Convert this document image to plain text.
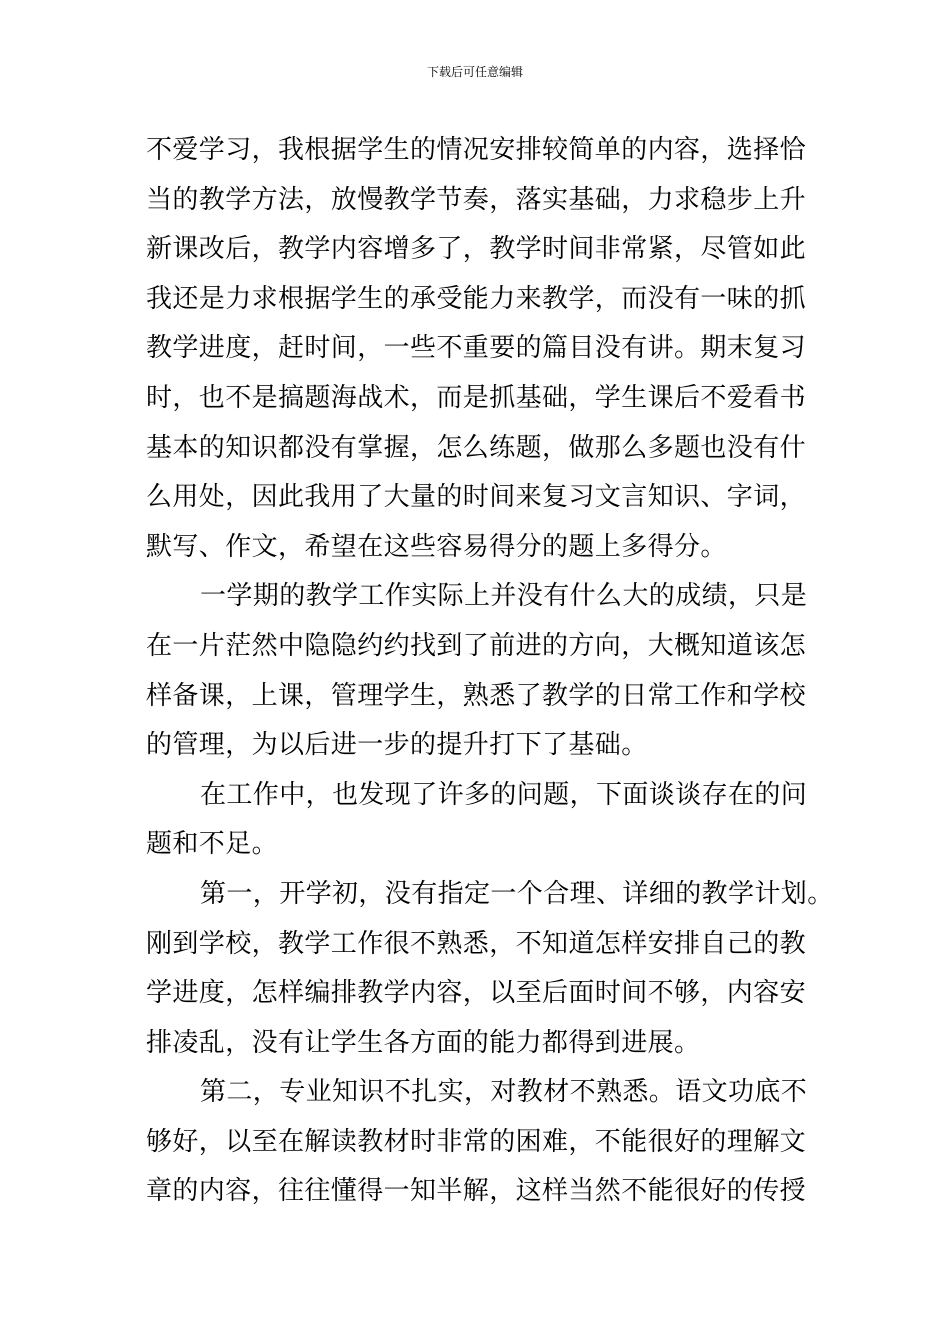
下载后可任意编辑
不爱学习，我根据学生的情况安排较简单的内容，选择恰
当的教学方法，放慢教学节奏，落实基础，力求稳步上升
新课改后，教学内容增多了，教学时间非常紧，尽管如此
我还是力求根据学生的承受能力来教学，而没有一味的抓
教学进度，赶时间，一些不重要的篇目没有讲。期末复习
时，也不是搞题海战术，而是抓基础，学生课后不爱看书
基本的知识都没有掌握，怎么练题，做那么多题也没有什
么用处，因此我用了大量的时间来复习文言知识、字词，
默写、作文，希望在这些容易得分的题上多得分。
一学期的教学工作实际上并没有什么大的成绩，只是
在一片茫然中隐隐约约找到了前进的方向，大概知道该怎
样备课，上课，管理学生，熟悉了教学的日常工作和学校
的管理，为以后进一步的提升打下了基础。
在工作中，也发现了许多的问题，下面谈谈存在的问
题和不足。
第一，开学初，没有指定一个合理、详细的教学计划。
刚到学校，教学工作很不熟悉，不知道怎样安排自己的教
学进度，怎样编排教学内容，以至后面时间不够，内容安
排凌乱，没有让学生各方面的能力都得到进展。
第二，专业知识不扎实，对教材不熟悉。语文功底不
够好，以至在解读教材时非常的困难，不能很好的理解文
章的内容，往往懂得一知半解，这样当然不能很好的传授
